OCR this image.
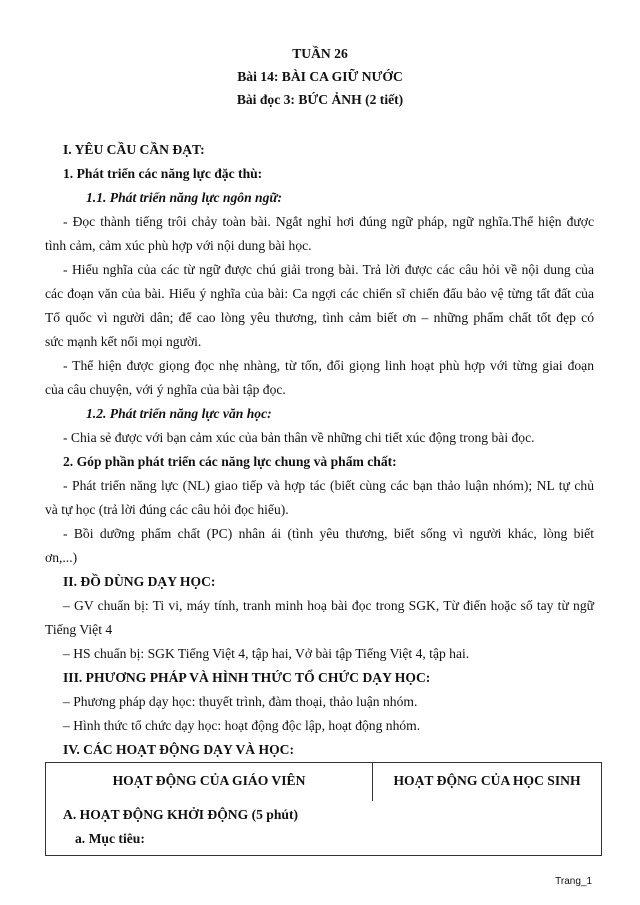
TUẦN 26
Bài 14: BÀI CA GIỮ NƯỚC
Bài đọc 3: BỨC ẢNH (2 tiết)
I. YÊU CẦU CẦN ĐẠT:
1. Phát triển các năng lực đặc thù:
1.1. Phát triển năng lực ngôn ngữ:
- Đọc thành tiếng trôi chảy toàn bài. Ngắt nghỉ hơi đúng ngữ pháp, ngữ nghĩa.Thể hiện được
tình cảm, cảm xúc phù hợp với nội dung bài học.
- Hiểu nghĩa của các từ ngữ được chú giải trong bài. Trả lời được các câu hỏi về nội dung của
các đoạn văn của bài. Hiểu ý nghĩa của bài: Ca ngợi các chiến sĩ chiến đấu bảo vệ từng tất đất của
Tổ quốc vì người dân; để cao lòng yêu thương, tình cảm biết ơn – những phẩm chất tốt đẹp có
sức mạnh kết nối mọi người.
- Thể hiện được giọng đọc nhẹ nhàng, từ tốn, đổi giọng linh hoạt phù hợp với từng giai đoạn
của câu chuyện, với ý nghĩa của bài tập đọc.
1.2. Phát triển năng lực văn học:
- Chia sẻ được với bạn cảm xúc của bản thân về những chi tiết xúc động trong bài đọc.
2. Góp phần phát triển các năng lực chung và phẩm chất:
- Phát triển năng lực (NL) giao tiếp và hợp tác (biết cùng các bạn thảo luận nhóm); NL tự chủ
và tự học (trả lời đúng các câu hỏi đọc hiểu).
- Bồi dưỡng phẩm chất (PC) nhân ái (tình yêu thương, biết sống vì người khác, lòng biết
ơn,...)
II. ĐỒ DÙNG DẠY HỌC:
– GV chuẩn bị: Ti vi, máy tính, tranh minh hoạ bài đọc trong SGK, Từ điển hoặc số tay từ ngữ
Tiếng Việt 4
– HS chuẩn bị: SGK Tiếng Việt 4, tập hai, Vở bài tập Tiếng Việt 4, tập hai.
III. PHƯƠNG PHÁP VÀ HÌNH THỨC TỔ CHỨC DẠY HỌC:
– Phương pháp dạy học: thuyết trình, đàm thoại, thảo luận nhóm.
– Hình thức tổ chức dạy học: hoạt động độc lập, hoạt động nhóm.
IV. CÁC HOẠT ĐỘNG DẠY VÀ HỌC:
HOẠT ĐỘNG CỦA GIÁO VIÊN	HOẠT ĐỘNG CỦA HỌC SINH
A. HOẠT ĐỘNG KHỞI ĐỘNG (5 phút)
a. Mục tiêu:
Trang_1
